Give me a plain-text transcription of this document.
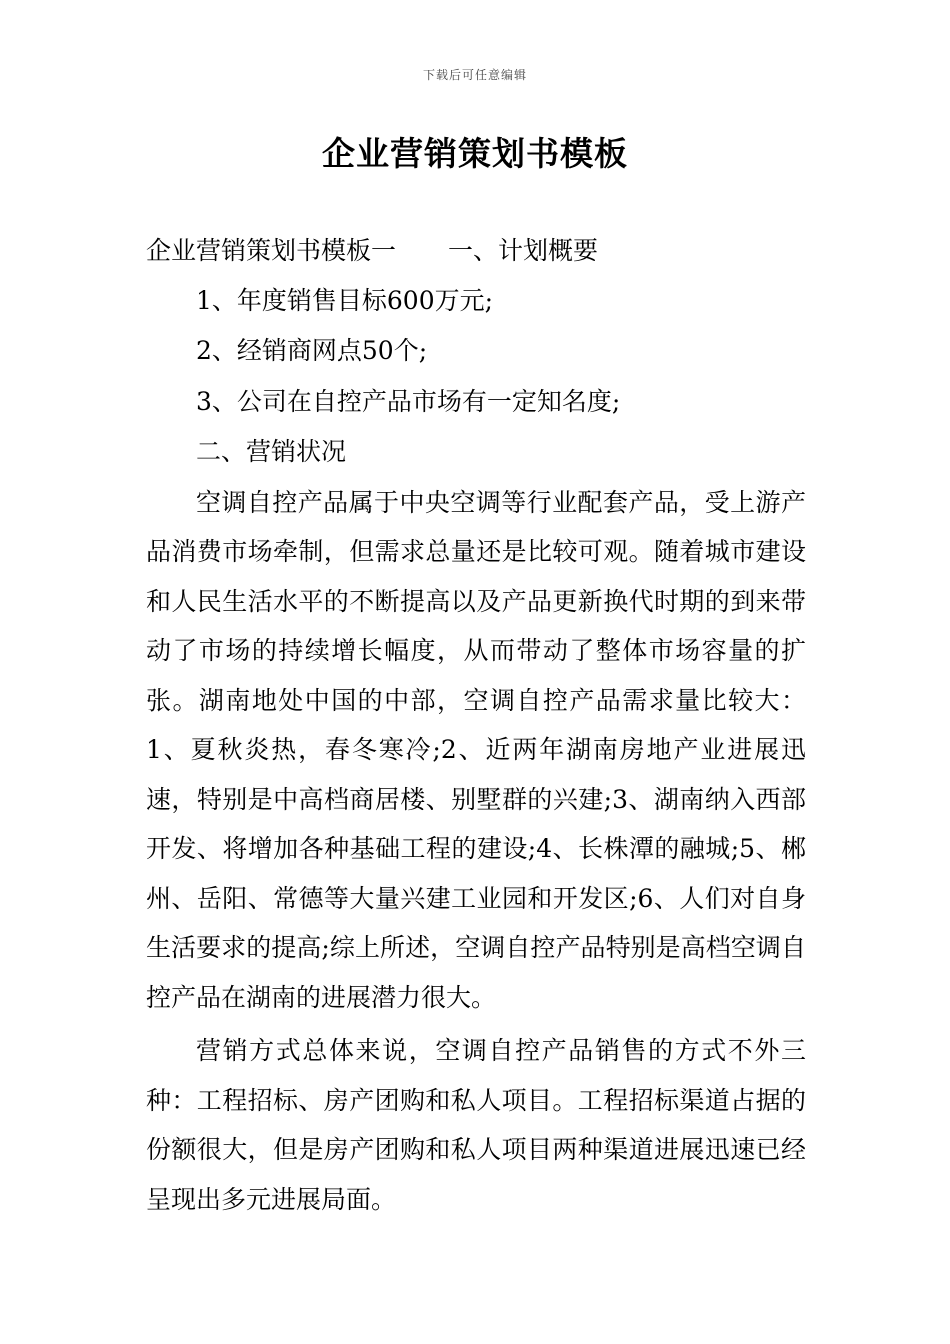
下载后可任意编辑
企业营销策划书模板

企业营销策划书模板一 一、计划概要

1、年度销售目标600万元;

2、经销商网点50个;

3、公司在自控产品市场有一定知名度;

二、营销状况

空调自控产品属于中央空调等行业配套产品，受上游产品消费市场牵制，但需求总量还是比较可观。随着城市建设和人民生活水平的不断提高以及产品更新换代时期的到来带动了市场的持续增长幅度，从而带动了整体市场容量的扩张。湖南地处中国的中部，空调自控产品需求量比较大：1、夏秋炎热，春冬寒冷;2、近两年湖南房地产业进展迅速，特别是中高档商居楼、别墅群的兴建;3、湖南纳入西部开发、将增加各种基础工程的建设;4、长株潭的融城;5、郴州、岳阳、常德等大量兴建工业园和开发区;6、人们对自身生活要求的提高;综上所述，空调自控产品特别是高档空调自控产品在湖南的进展潜力很大。

营销方式总体来说，空调自控产品销售的方式不外三种：工程招标、房产团购和私人项目。工程招标渠道占据的份额很大，但是房产团购和私人项目两种渠道进展迅速已经呈现出多元进展局面。
